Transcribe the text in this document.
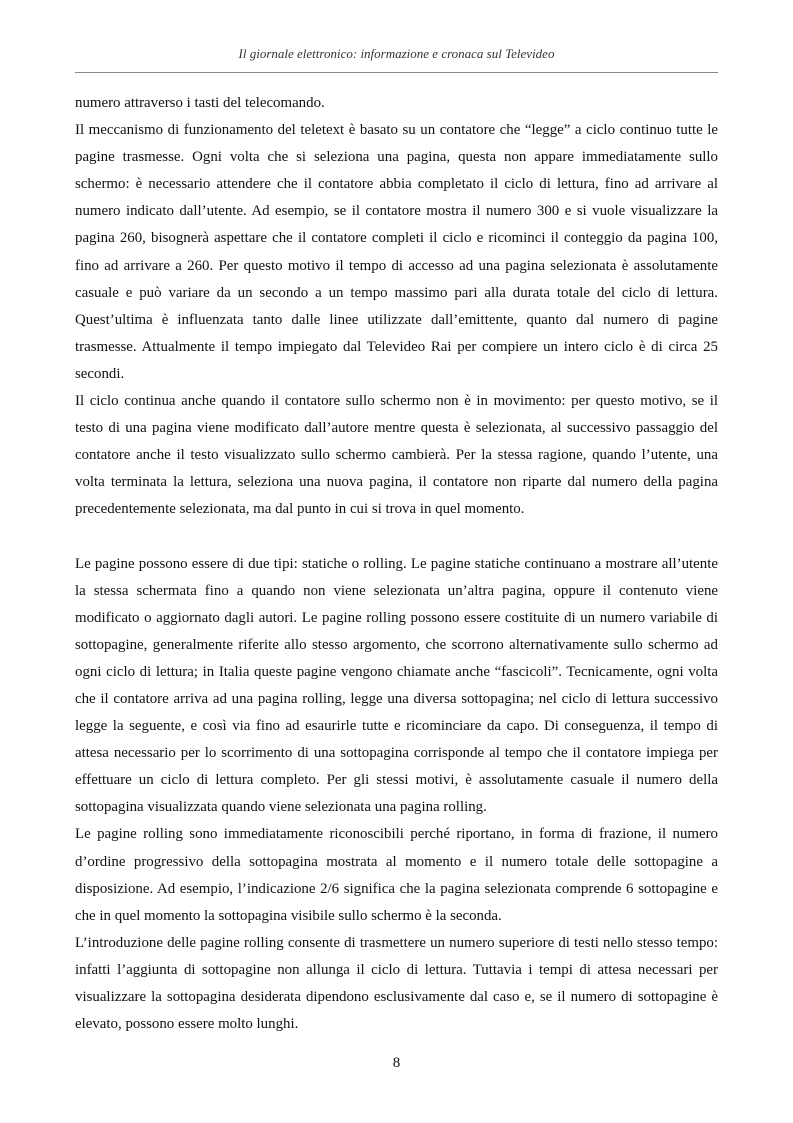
Il giornale elettronico: informazione e cronaca sul Televideo

numero attraverso i tasti del telecomando.

Il meccanismo di funzionamento del teletext è basato su un contatore che “legge” a ciclo continuo tutte le pagine trasmesse. Ogni volta che si seleziona una pagina, questa non appare immediatamente sullo schermo: è necessario attendere che il contatore abbia completato il ciclo di lettura, fino ad arrivare al numero indicato dall’utente. Ad esempio, se il contatore mostra il numero 300 e si vuole visualizzare la pagina 260, bisognerà aspettare che il contatore completi il ciclo e ricominci il conteggio da pagina 100, fino ad arrivare a 260. Per questo motivo il tempo di accesso ad una pagina selezionata è assolutamente casuale e può variare da un secondo a un tempo massimo pari alla durata totale del ciclo di lettura. Quest’ultima è influenzata tanto dalle linee utilizzate dall’emittente, quanto dal numero di pagine trasmesse. Attualmente il tempo impiegato dal Televideo Rai per compiere un intero ciclo è di circa 25 secondi.

Il ciclo continua anche quando il contatore sullo schermo non è in movimento: per questo motivo, se il testo di una pagina viene modificato dall’autore mentre questa è selezionata, al successivo passaggio del contatore anche il testo visualizzato sullo schermo cambierà. Per la stessa ragione, quando l’utente, una volta terminata la lettura, seleziona una nuova pagina, il contatore non riparte dal numero della pagina precedentemente selezionata, ma dal punto in cui si trova in quel momento.

Le pagine possono essere di due tipi: statiche o rolling. Le pagine statiche continuano a mostrare all’utente la stessa schermata fino a quando non viene selezionata un’altra pagina, oppure il contenuto viene modificato o aggiornato dagli autori. Le pagine rolling possono essere costituite di un numero variabile di sottopagine, generalmente riferite allo stesso argomento, che scorrono alternativamente sullo schermo ad ogni ciclo di lettura; in Italia queste pagine vengono chiamate anche “fascicoli”. Tecnicamente, ogni volta che il contatore arriva ad una pagina rolling, legge una diversa sottopagina; nel ciclo di lettura successivo legge la seguente, e così via fino ad esaurirle tutte e ricominciare da capo. Di conseguenza, il tempo di attesa necessario per lo scorrimento di una sottopagina corrisponde al tempo che il contatore impiega per effettuare un ciclo di lettura completo. Per gli stessi motivi, è assolutamente casuale il numero della sottopagina visualizzata quando viene selezionata una pagina rolling.

Le pagine rolling sono immediatamente riconoscibili perché riportano, in forma di frazione, il numero d’ordine progressivo della sottopagina mostrata al momento e il numero totale delle sottopagine a disposizione. Ad esempio, l’indicazione 2/6 significa che la pagina selezionata comprende 6 sottopagine e che in quel momento la sottopagina visibile sullo schermo è la seconda.

L’introduzione delle pagine rolling consente di trasmettere un numero superiore di testi nello stesso tempo: infatti l’aggiunta di sottopagine non allunga il ciclo di lettura. Tuttavia i tempi di attesa necessari per visualizzare la sottopagina desiderata dipendono esclusivamente dal caso e, se il numero di sottopagine è elevato, possono essere molto lunghi.

8
